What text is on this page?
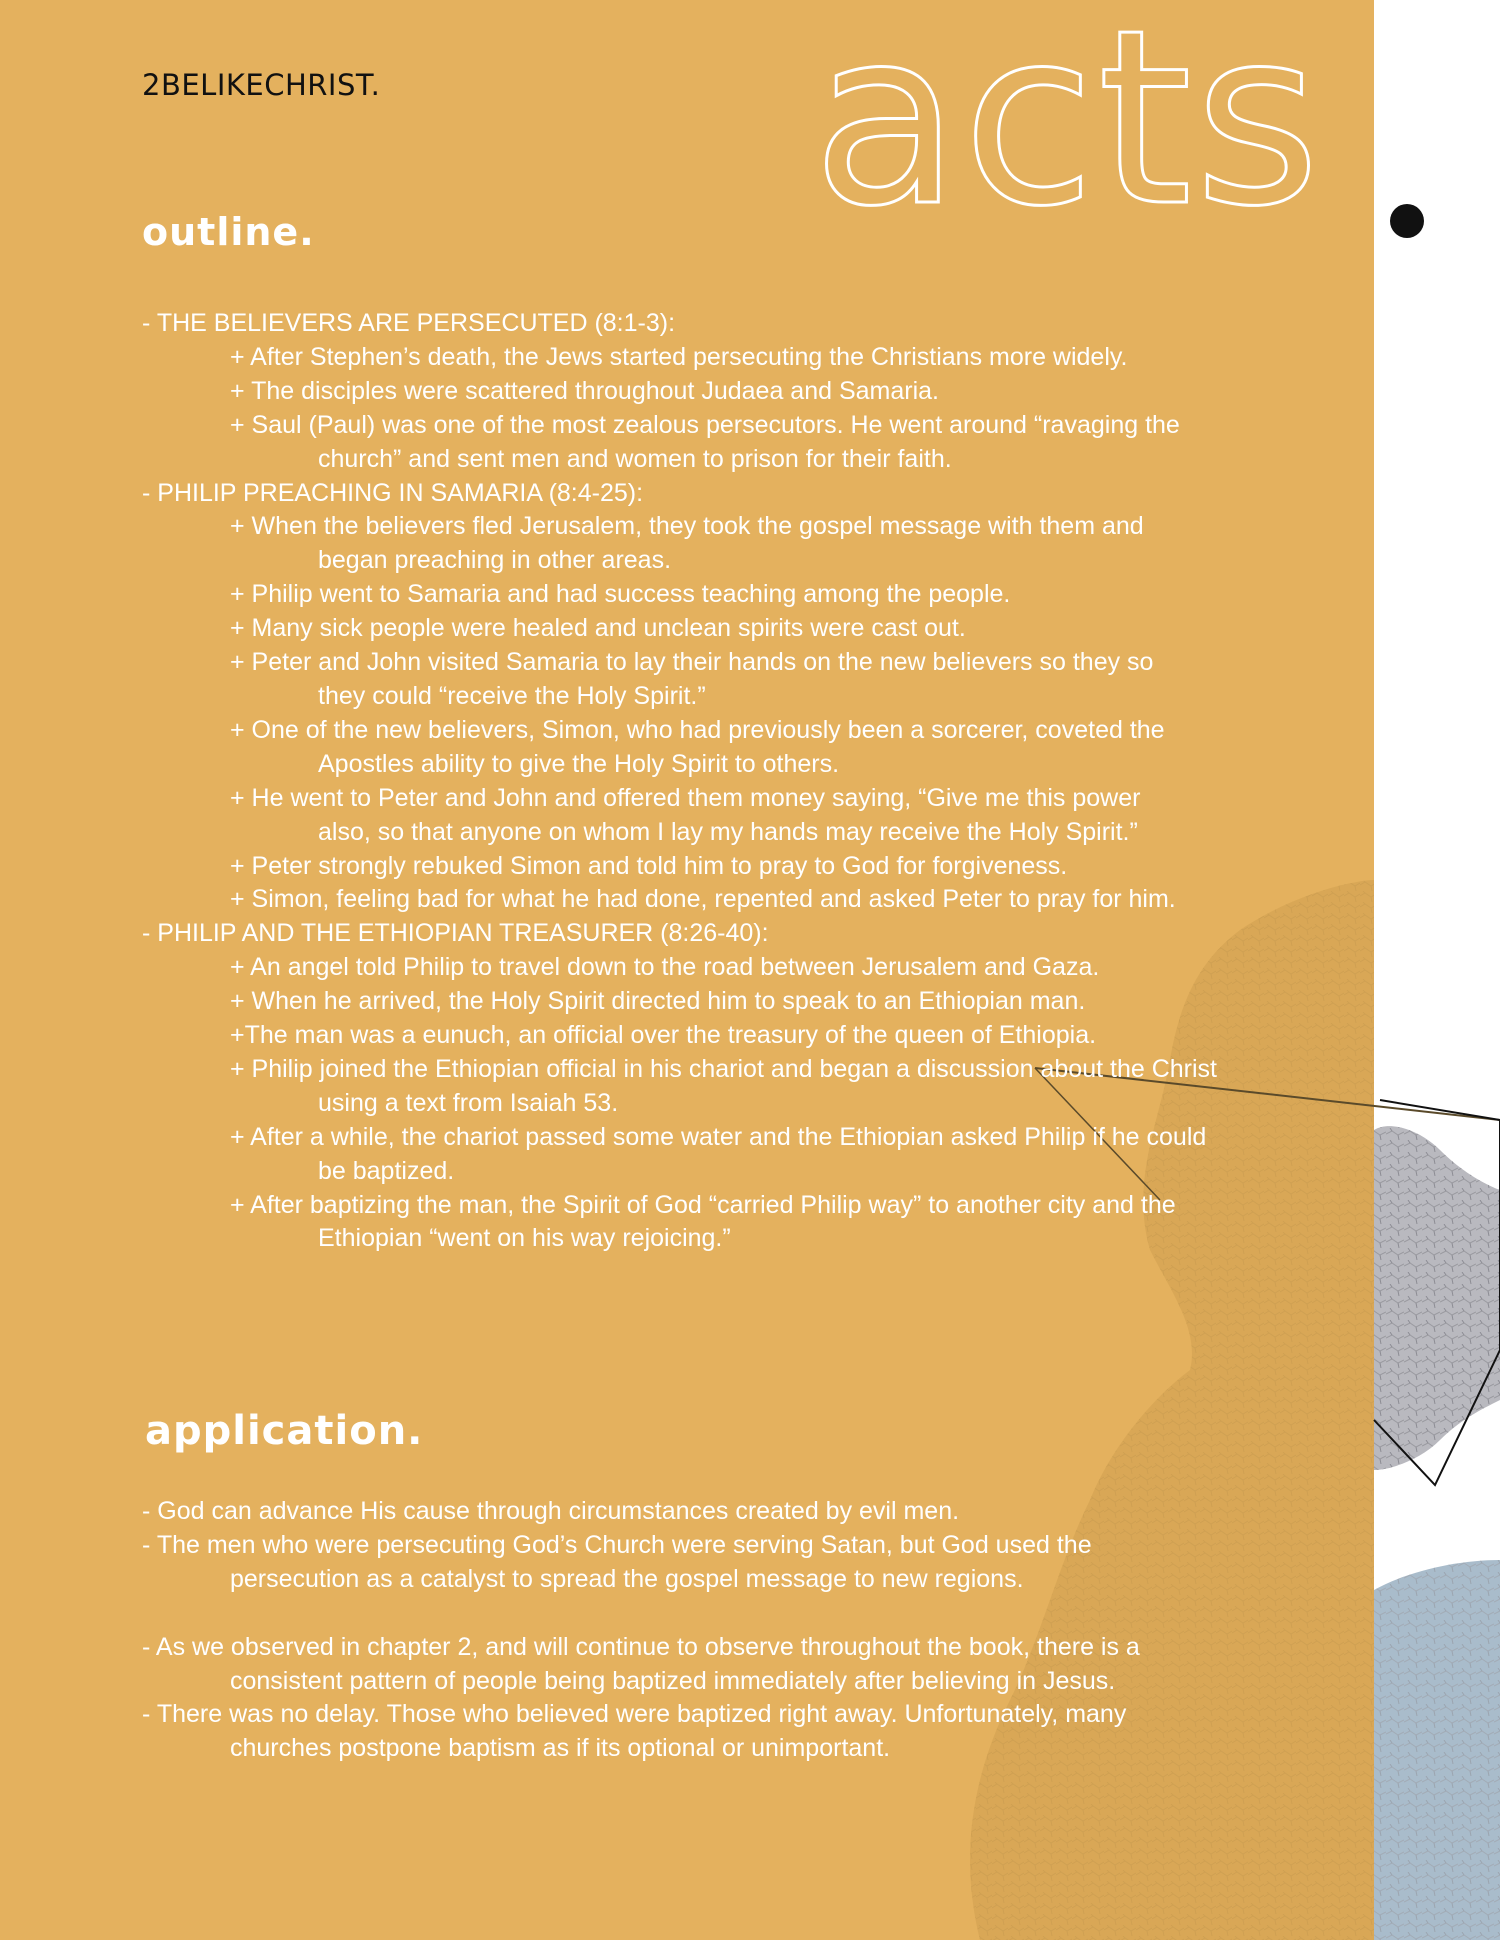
2BELIKECHRIST. acts
outline.
- THE BELIEVERS ARE PERSECUTED (8:1-3):
+ After Stephen’s death, the Jews started persecuting the Christians more widely.
+ The disciples were scattered throughout Judaea and Samaria.
+ Saul (Paul) was one of the most zealous persecutors. He went around “ravaging the
church” and sent men and women to prison for their faith.
- PHILIP PREACHING IN SAMARIA (8:4-25):
+ When the believers fled Jerusalem, they took the gospel message with them and
began preaching in other areas.
+ Philip went to Samaria and had success teaching among the people.
+ Many sick people were healed and unclean spirits were cast out.
+ Peter and John visited Samaria to lay their hands on the new believers so they so
they could “receive the Holy Spirit.”
+ One of the new believers, Simon, who had previously been a sorcerer, coveted the
Apostles ability to give the Holy Spirit to others.
+ He went to Peter and John and offered them money saying, “Give me this power
also, so that anyone on whom I lay my hands may receive the Holy Spirit.”
+ Peter strongly rebuked Simon and told him to pray to God for forgiveness.
+ Simon, feeling bad for what he had done, repented and asked Peter to pray for him.
- PHILIP AND THE ETHIOPIAN TREASURER (8:26-40):
+ An angel told Philip to travel down to the road between Jerusalem and Gaza.
+ When he arrived, the Holy Spirit directed him to speak to an Ethiopian man.
+The man was a eunuch, an official over the treasury of the queen of Ethiopia.
+ Philip joined the Ethiopian official in his chariot and began a discussion about the Christ
using a text from Isaiah 53.
+ After a while, the chariot passed some water and the Ethiopian asked Philip if he could
be baptized.
+ After baptizing the man, the Spirit of God “carried Philip way” to another city and the
Ethiopian “went on his way rejoicing.”
application.
- God can advance His cause through circumstances created by evil men.
- The men who were persecuting God’s Church were serving Satan, but God used the
persecution as a catalyst to spread the gospel message to new regions.
- As we observed in chapter 2, and will continue to observe throughout the book, there is a
consistent pattern of people being baptized immediately after believing in Jesus.
- There was no delay. Those who believed were baptized right away. Unfortunately, many
churches postpone baptism as if its optional or unimportant.
